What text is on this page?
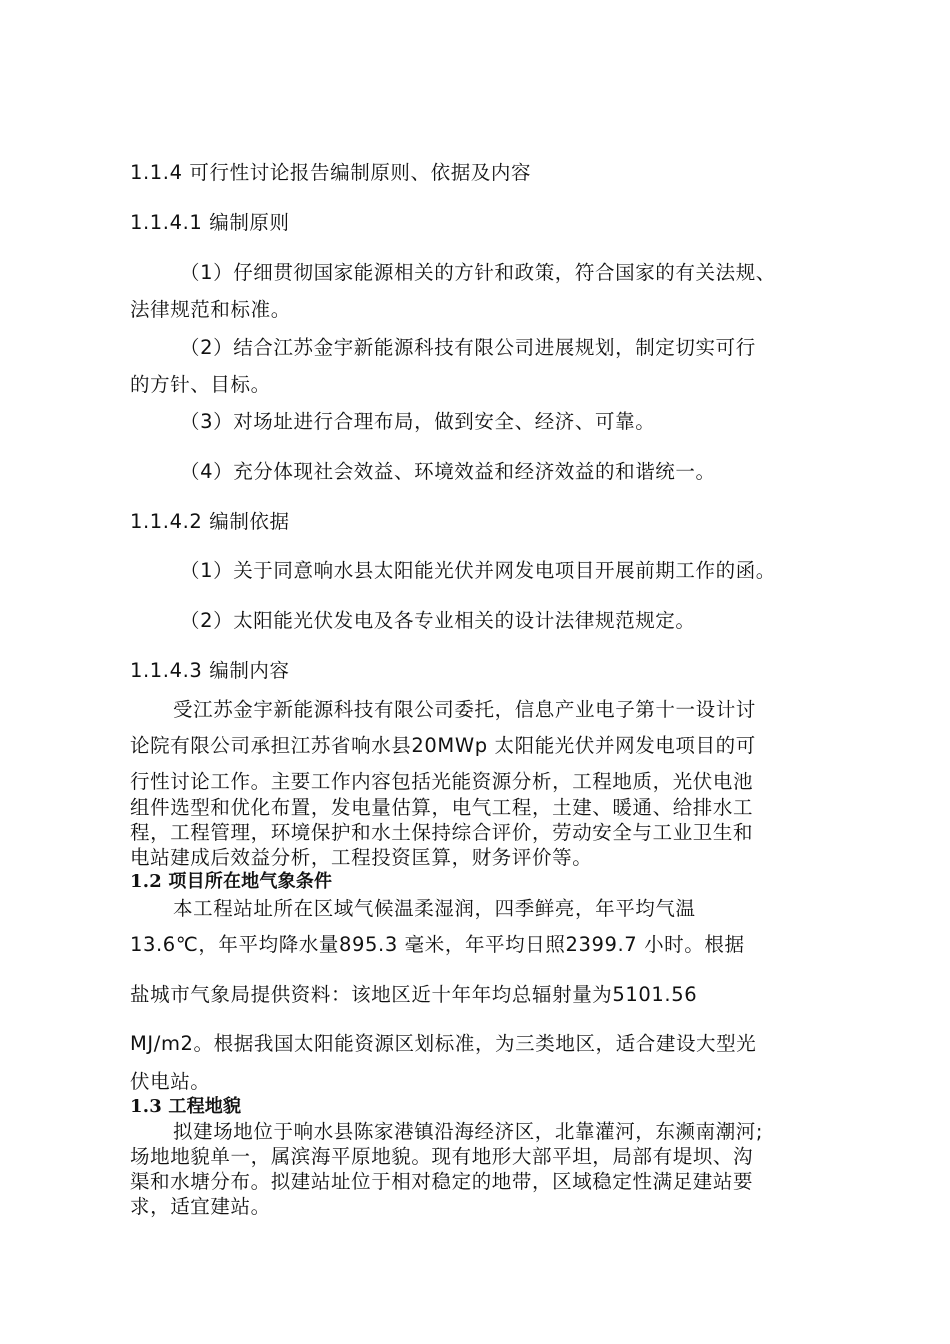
1.1.4 可行性讨论报告编制原则、依据及内容
1.1.4.1 编制原则
（1）仔细贯彻国家能源相关的方针和政策，符合国家的有关法规、
法律规范和标准。
（2）结合江苏金宇新能源科技有限公司进展规划，制定切实可行
的方针、目标。
（3）对场址进行合理布局，做到安全、经济、可靠。
（4）充分体现社会效益、环境效益和经济效益的和谐统一。
1.1.4.2 编制依据
（1）关于同意响水县太阳能光伏并网发电项目开展前期工作的函。
（2）太阳能光伏发电及各专业相关的设计法律规范规定。
1.1.4.3 编制内容
受江苏金宇新能源科技有限公司委托，信息产业电子第十一设计讨
论院有限公司承担江苏省响水县20MWp 太阳能光伏并网发电项目的可
行性讨论工作。主要工作内容包括光能资源分析，工程地质，光伏电池
组件选型和优化布置，发电量估算，电气工程，土建、暖通、给排水工
程，工程管理，环境保护和水土保持综合评价，劳动安全与工业卫生和
电站建成后效益分析，工程投资匡算，财务评价等。
1.2 项目所在地气象条件
本工程站址所在区域气候温柔湿润，四季鲜亮，年平均气温
13.6℃，年平均降水量895.3 毫米，年平均日照2399.7 小时。根据
盐城市气象局提供资料：该地区近十年年均总辐射量为5101.56
MJ/m2。根据我国太阳能资源区划标准，为三类地区，适合建设大型光
伏电站。
1.3 工程地貌
拟建场地位于响水县陈家港镇沿海经济区，北靠灌河，东濒南潮河;
场地地貌单一，属滨海平原地貌。现有地形大部平坦，局部有堤坝、沟
渠和水塘分布。拟建站址位于相对稳定的地带，区域稳定性满足建站要
求，适宜建站。
